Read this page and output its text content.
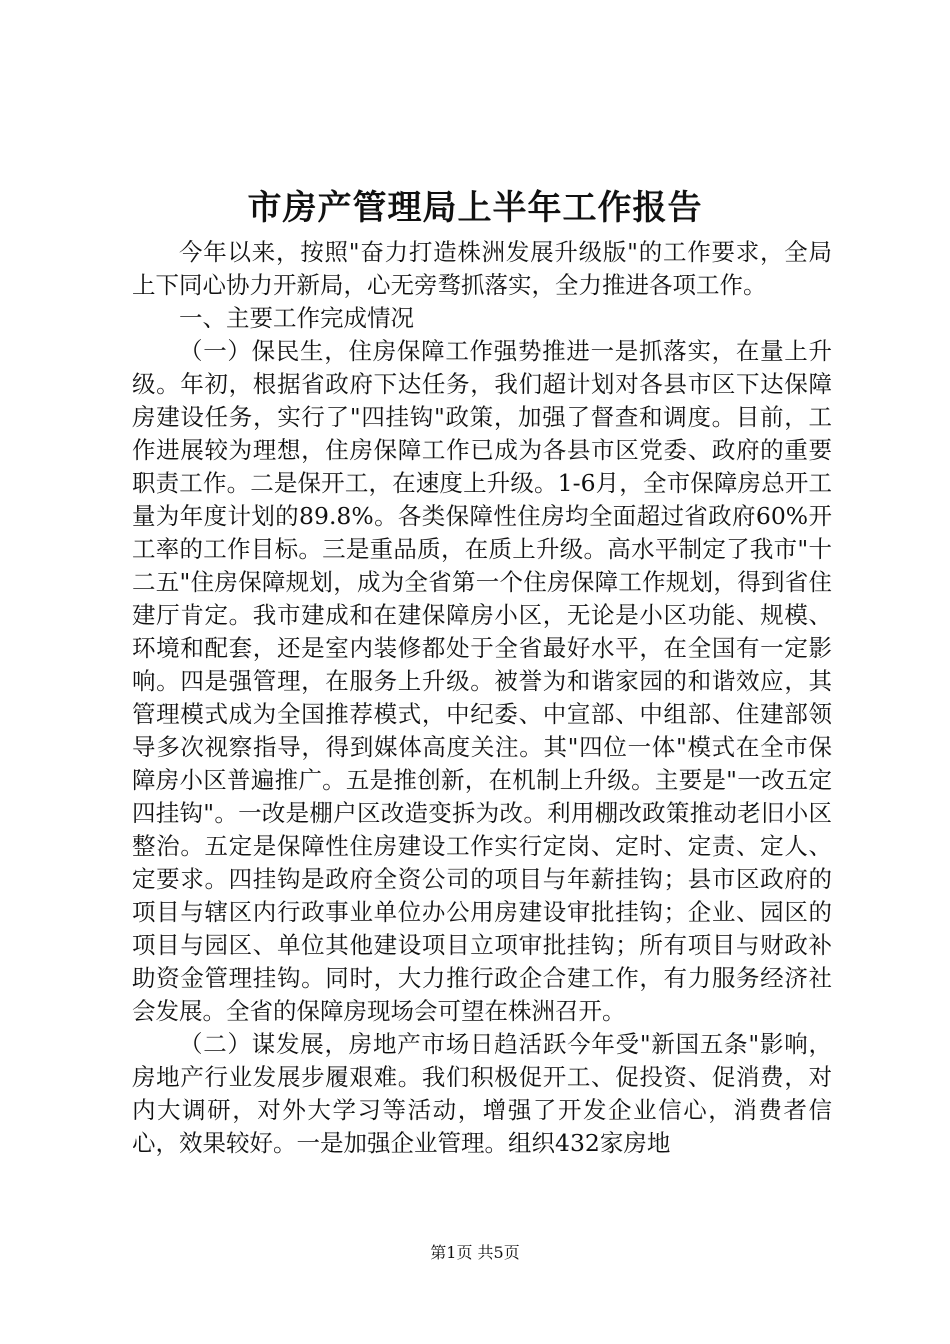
市房产管理局上半年工作报告

今年以来，按照"奋力打造株洲发展升级版"的工作要求，全局上下同心协力开新局，心无旁骛抓落实，全力推进各项工作。

一、主要工作完成情况

（一）保民生，住房保障工作强势推进一是抓落实，在量上升级。年初，根据省政府下达任务，我们超计划对各县市区下达保障房建设任务，实行了"四挂钩"政策，加强了督查和调度。目前，工作进展较为理想，住房保障工作已成为各县市区党委、政府的重要职责工作。二是保开工，在速度上升级。1-6月，全市保障房总开工量为年度计划的89.8%。各类保障性住房均全面超过省政府60%开工率的工作目标。三是重品质，在质上升级。高水平制定了我市"十二五"住房保障规划，成为全省第一个住房保障工作规划，得到省住建厅肯定。我市建成和在建保障房小区，无论是小区功能、规模、环境和配套，还是室内装修都处于全省最好水平，在全国有一定影响。四是强管理，在服务上升级。被誉为和谐家园的和谐效应，其管理模式成为全国推荐模式，中纪委、中宣部、中组部、住建部领导多次视察指导，得到媒体高度关注。其"四位一体"模式在全市保障房小区普遍推广。五是推创新，在机制上升级。主要是"一改五定四挂钩"。一改是棚户区改造变拆为改。利用棚改政策推动老旧小区整治。五定是保障性住房建设工作实行定岗、定时、定责、定人、定要求。四挂钩是政府全资公司的项目与年薪挂钩；县市区政府的项目与辖区内行政事业单位办公用房建设审批挂钩；企业、园区的项目与园区、单位其他建设项目立项审批挂钩；所有项目与财政补助资金管理挂钩。同时，大力推行政企合建工作，有力服务经济社会发展。全省的保障房现场会可望在株洲召开。

（二）谋发展，房地产市场日趋活跃今年受"新国五条"影响，房地产行业发展步履艰难。我们积极促开工、促投资、促消费，对内大调研，对外大学习等活动，增强了开发企业信心，消费者信心，效果较好。一是加强企业管理。组织432家房地

第1页 共5页
